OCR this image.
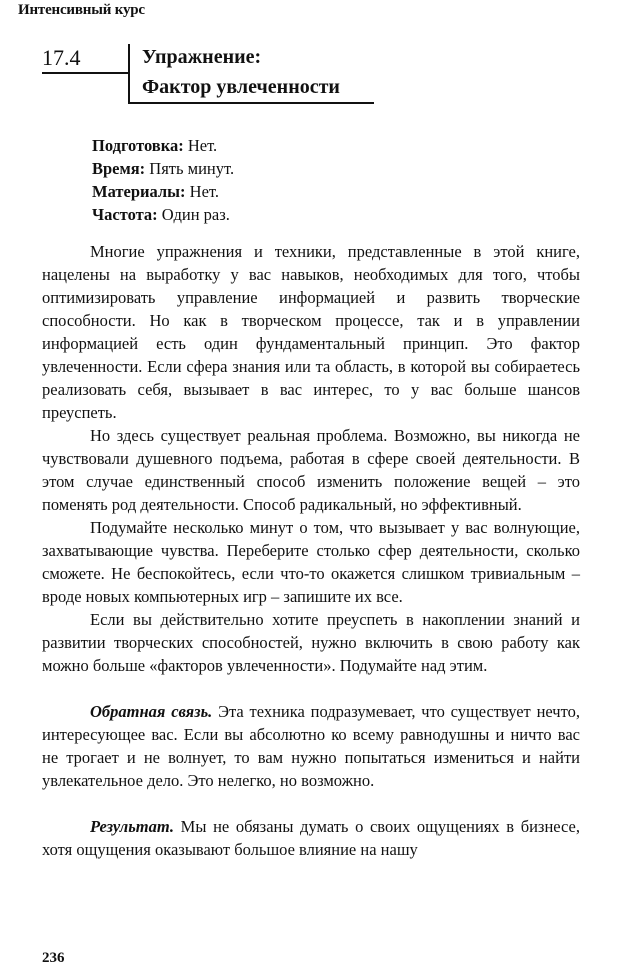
Интенсивный курс
17.4	Упражнение:
Фактор увлеченности
Подготовка: Нет.
Время: Пять минут.
Материалы: Нет.
Частота: Один раз.

Многие упражнения и техники, представленные в этой книге, нацелены на выработку у вас навыков, необходимых для того, чтобы оптимизировать управление информацией и развить творческие способности. Но как в творческом процессе, так и в управлении информацией есть один фундаментальный принцип. Это фактор увлеченности. Если сфера знания или та область, в которой вы собираетесь реализовать себя, вызывает в вас интерес, то у вас больше шансов преуспеть.

Но здесь существует реальная проблема. Возможно, вы никогда не чувствовали душевного подъема, работая в сфере своей деятельности. В этом случае единственный способ изменить положение вещей – это поменять род деятельности. Способ радикальный, но эффективный.

Подумайте несколько минут о том, что вызывает у вас волнующие, захватывающие чувства. Переберите столько сфер деятельности, сколько сможете. Не беспокойтесь, если что-то окажется слишком тривиальным – вроде новых компьютерных игр – запишите их все.

Если вы действительно хотите преуспеть в накоплении знаний и развитии творческих способностей, нужно включить в свою работу как можно больше «факторов увлеченности». Подумайте над этим.

Обратная связь. Эта техника подразумевает, что существует нечто, интересующее вас. Если вы абсолютно ко всему равнодушны и ничто вас не трогает и не волнует, то вам нужно попытаться измениться и найти увлекательное дело. Это нелегко, но возможно.

Результат. Мы не обязаны думать о своих ощущениях в бизнесе, хотя ощущения оказывают большое влияние на нашу

236
